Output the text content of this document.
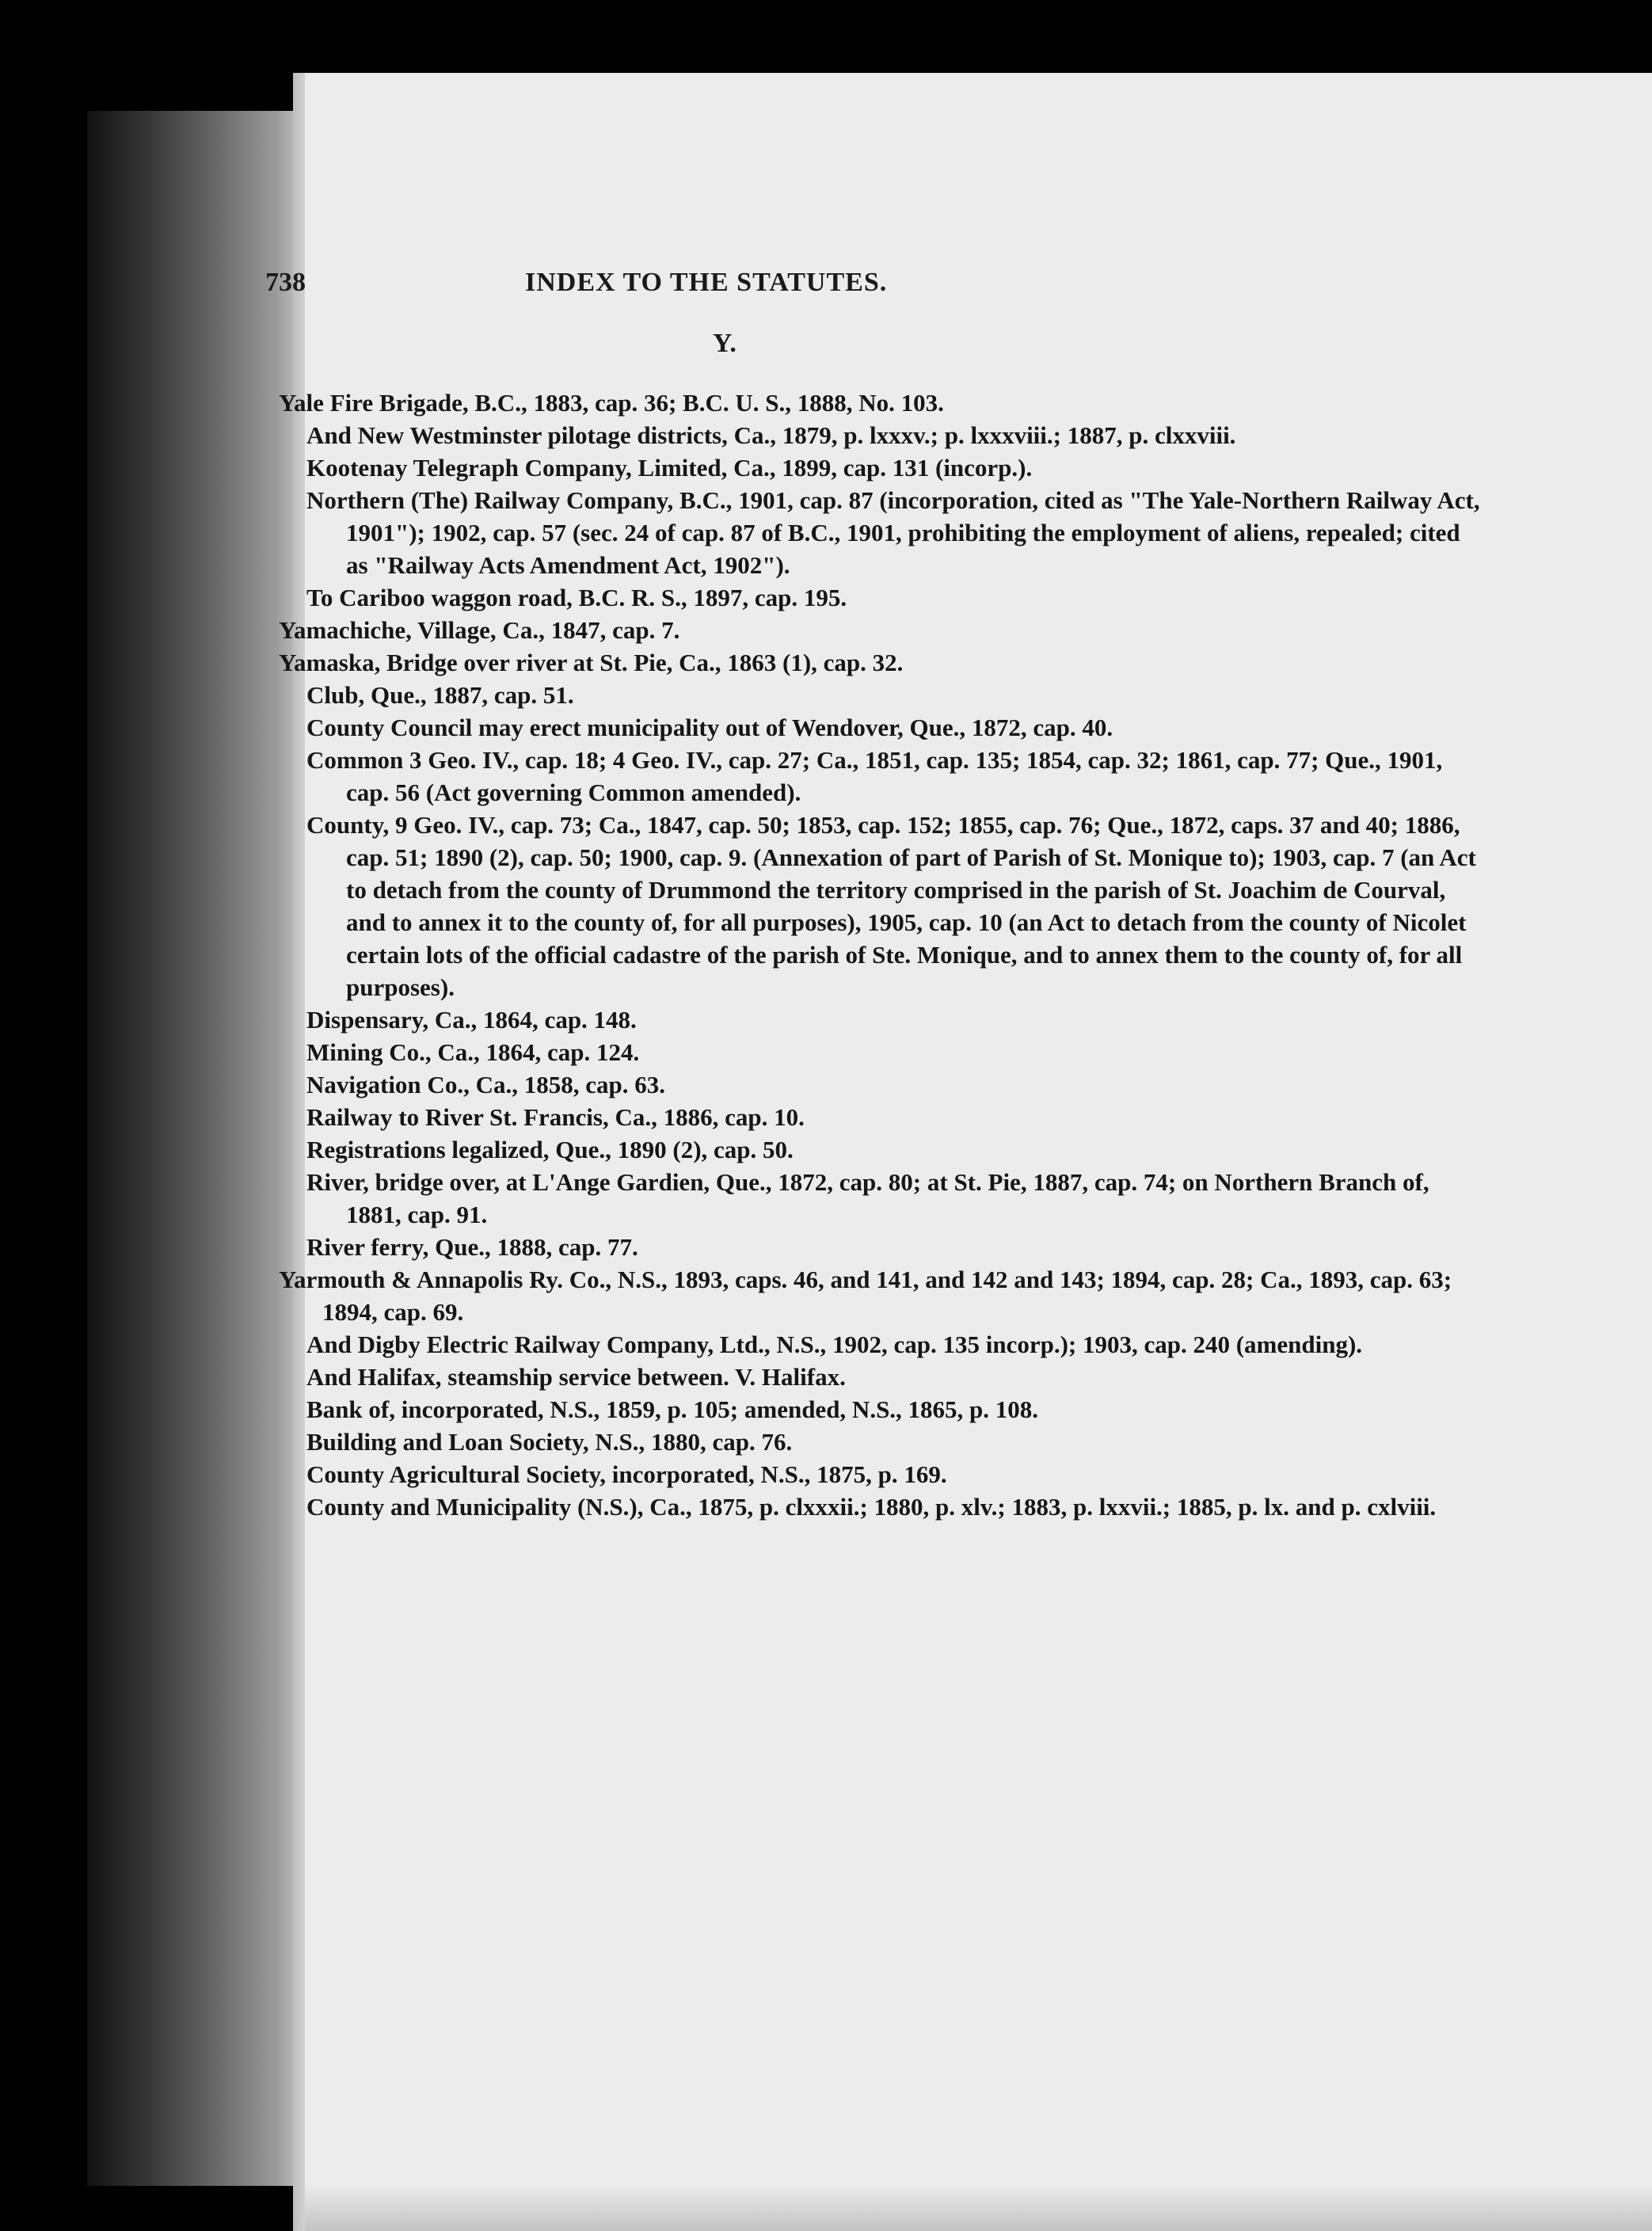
738	INDEX TO THE STATUTES.
Y.

Yale Fire Brigade, B.C., 1883, cap. 36; B.C. U. S., 1888, No. 103.

And New Westminster pilotage districts, Ca., 1879, p. lxxxv.; p. lxxxviii.; 1887, p. clxxviii.

Kootenay Telegraph Company, Limited, Ca., 1899, cap. 131 (incorp.).

Northern (The) Railway Company, B.C., 1901, cap. 87 (incorporation, cited as "The Yale-Northern Railway Act, 1901"); 1902, cap. 57 (sec. 24 of cap. 87 of B.C., 1901, prohibiting the employment of aliens, repealed; cited as "Railway Acts Amendment Act, 1902").

To Cariboo waggon road, B.C. R. S., 1897, cap. 195.

Yamachiche, Village, Ca., 1847, cap. 7.

Yamaska, Bridge over river at St. Pie, Ca., 1863 (1), cap. 32.

Club, Que., 1887, cap. 51.

County Council may erect municipality out of Wendover, Que., 1872, cap. 40.

Common 3 Geo. IV., cap. 18; 4 Geo. IV., cap. 27; Ca., 1851, cap. 135; 1854, cap. 32; 1861, cap. 77; Que., 1901, cap. 56 (Act governing Common amended).

County, 9 Geo. IV., cap. 73; Ca., 1847, cap. 50; 1853, cap. 152; 1855, cap. 76; Que., 1872, caps. 37 and 40; 1886, cap. 51; 1890 (2), cap. 50; 1900, cap. 9. (Annexation of part of Parish of St. Monique to); 1903, cap. 7 (an Act to detach from the county of Drummond the territory comprised in the parish of St. Joachim de Courval, and to annex it to the county of, for all purposes), 1905, cap. 10 (an Act to detach from the county of Nicolet certain lots of the official cadastre of the parish of Ste. Monique, and to annex them to the county of, for all purposes).

Dispensary, Ca., 1864, cap. 148.

Mining Co., Ca., 1864, cap. 124.

Navigation Co., Ca., 1858, cap. 63.

Railway to River St. Francis, Ca., 1886, cap. 10.

Registrations legalized, Que., 1890 (2), cap. 50.

River, bridge over, at L'Ange Gardien, Que., 1872, cap. 80; at St. Pie, 1887, cap. 74; on Northern Branch of, 1881, cap. 91.

River ferry, Que., 1888, cap. 77.

Yarmouth & Annapolis Ry. Co., N.S., 1893, caps. 46, and 141, and 142 and 143; 1894, cap. 28; Ca., 1893, cap. 63; 1894, cap. 69.

And Digby Electric Railway Company, Ltd., N.S., 1902, cap. 135 incorp.); 1903, cap. 240 (amending).

And Halifax, steamship service between. V. Halifax.

Bank of, incorporated, N.S., 1859, p. 105; amended, N.S., 1865, p. 108.

Building and Loan Society, N.S., 1880, cap. 76.

County Agricultural Society, incorporated, N.S., 1875, p. 169.

County and Municipality (N.S.), Ca., 1875, p. clxxxii.; 1880, p. xlv.; 1883, p. lxxvii.; 1885, p. lx. and p. cxlviii.
